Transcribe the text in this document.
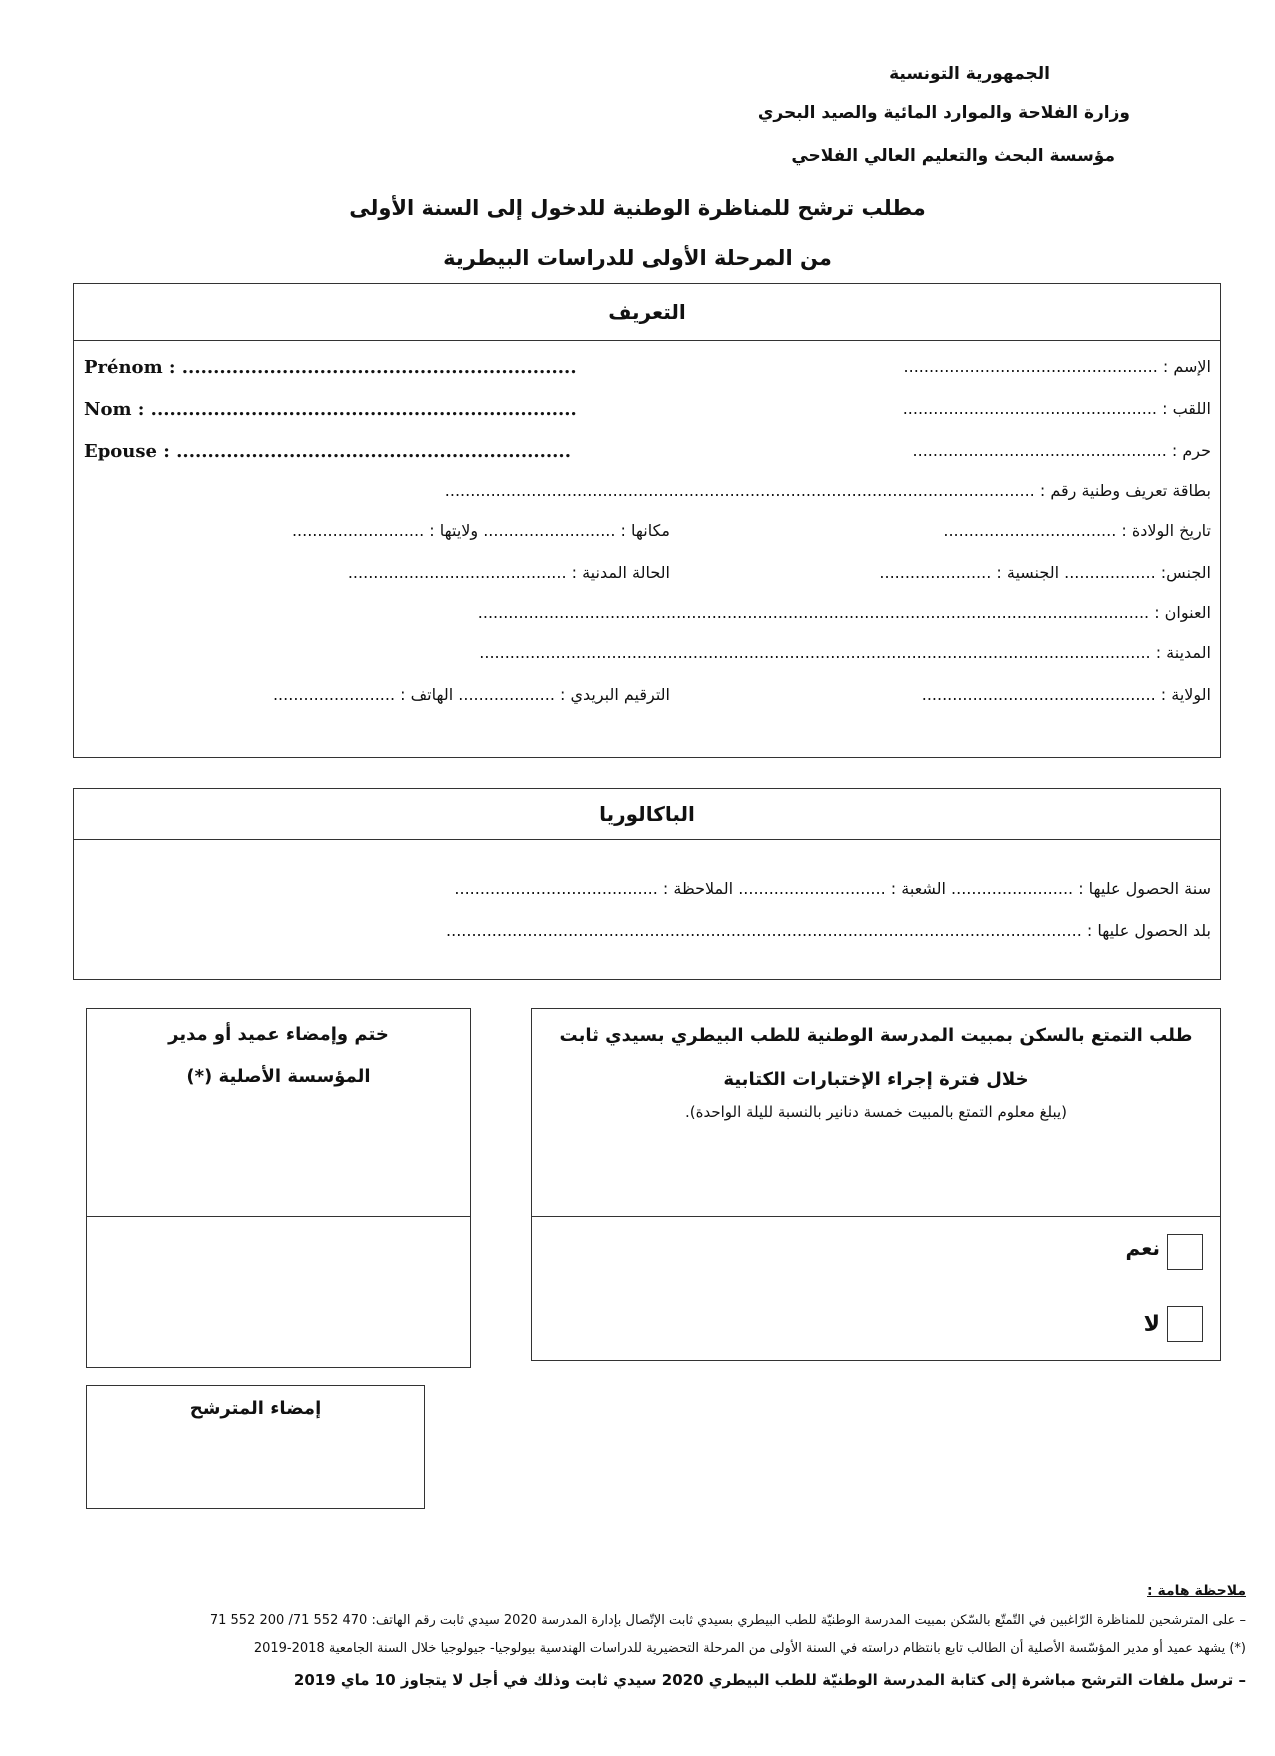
الجمهورية التونسية
وزارة الفلاحة والموارد المائية والصيد البحري
مؤسسة البحث والتعليم العالي الفلاحي
مطلب ترشح للمناظرة الوطنية للدخول إلى السنة الأولى
من المرحلة الأولى للدراسات البيطرية
التعريف
Prénom : ...............................................................
Nom : ....................................................................
Epouse : ...............................................................
الإسم : ..................................................
اللقب : ..................................................
حرم : ..................................................
بطاقة تعريف وطنية رقم : ....................................................................................................................
تاريخ الولادة : ..................................
مكانها : .......................... ولايتها : ..........................
الجنس: .................. الجنسية : ......................
الحالة المدنية : ...........................................
العنوان : ....................................................................................................................................
المدينة : ....................................................................................................................................
الولاية : ..............................................
الترقيم البريدي : ................... الهاتف : ........................
الباكالوريا
سنة الحصول عليها : ........................ الشعبة : ............................. الملاحظة : ........................................
بلد الحصول عليها : .............................................................................................................................
ختم وإمضاء عميد أو مدير
المؤسسة الأصلية (*)
طلب التمتع بالسكن بمبيت المدرسة الوطنية للطب البيطري بسيدي ثابت
خلال فترة إجراء الإختبارات الكتابية
(يبلغ معلوم التمتع بالمبيت خمسة دنانير بالنسبة لليلة الواحدة).
نعم
لا
إمضاء المترشح
ملاحظة هامة :
– على المترشحين للمناظرة الرّاغبين في التّمتّع بالسّكن بمبيت المدرسة الوطنيّة للطب البيطري بسيدي ثابت الإتّصال بإدارة المدرسة 2020 سيدي ثابت رقم الهاتف: 470 552 71/ 200 552 71
(*) يشهد عميد أو مدير المؤسّسة الأصلية أن الطالب تابع بانتظام دراسته في السنة الأولى من المرحلة التحضيرية للدراسات الهندسية بيولوجيا- جيولوجيا خلال السنة الجامعية 2018-2019
– ترسل ملفات الترشح مباشرة إلى كتابة المدرسة الوطنيّة للطب البيطري 2020 سيدي ثابت وذلك في أجل لا يتجاوز 10 ماي 2019
